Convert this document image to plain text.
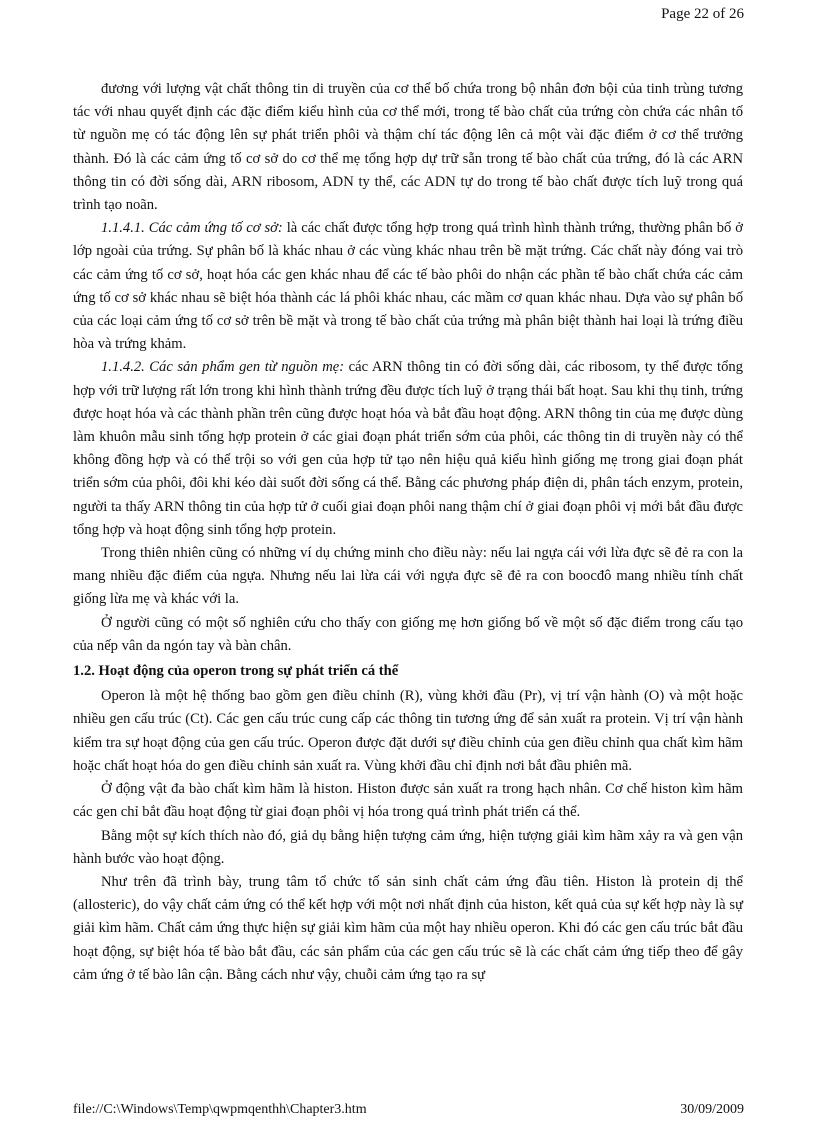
Page 22 of 26

đương với lượng vật chất thông tin di truyền của cơ thể bố chứa trong bộ nhân đơn bội của tinh trùng tương tác với nhau quyết định các đặc điểm kiểu hình của cơ thể mới, trong tế bào chất của trứng còn chứa các nhân tố từ nguồn mẹ có tác động lên sự phát triển phôi và thậm chí tác động lên cả một vài đặc điểm ở cơ thể trưởng thành. Đó là các cảm ứng tố cơ sở do cơ thể mẹ tổng hợp dự trữ sẵn trong tế bào chất của trứng, đó là các ARN thông tin có đời sống dài, ARN ribosom, ADN ty thể, các ADN tự do trong tế bào chất được tích luỹ trong quá trình tạo noãn.

1.1.4.1. Các cảm ứng tố cơ sở: là các chất được tổng hợp trong quá trình hình thành trứng, thường phân bố ở lớp ngoài của trứng. Sự phân bố là khác nhau ở các vùng khác nhau trên bề mặt trứng. Các chất này đóng vai trò các cảm ứng tố cơ sở, hoạt hóa các gen khác nhau để các tế bào phôi do nhận các phần tế bào chất chứa các cảm ứng tố cơ sở khác nhau sẽ biệt hóa thành các lá phôi khác nhau, các mầm cơ quan khác nhau. Dựa vào sự phân bố của các loại cảm ứng tố cơ sở trên bề mặt và trong tế bào chất của trứng mà phân biệt thành hai loại là trứng điều hòa và trứng khảm.

1.1.4.2. Các sản phẩm gen từ nguồn mẹ: các ARN thông tin có đời sống dài, các ribosom, ty thể được tổng hợp với trữ lượng rất lớn trong khi hình thành trứng đều được tích luỹ ở trạng thái bất hoạt. Sau khi thụ tinh, trứng được hoạt hóa và các thành phần trên cũng được hoạt hóa và bắt đầu hoạt động. ARN thông tin của mẹ được dùng làm khuôn mẫu sinh tổng hợp protein ở các giai đoạn phát triển sớm của phôi, các thông tin di truyền này có thể không đồng hợp và có thể trội so với gen của hợp tử tạo nên hiệu quả kiểu hình giống mẹ trong giai đoạn phát triển sớm của phôi, đôi khi kéo dài suốt đời sống cá thể. Bằng các phương pháp điện di, phân tách enzym, protein, người ta thấy ARN thông tin của hợp tử ở cuối giai đoạn phôi nang thậm chí ở giai đoạn phôi vị mới bắt đầu được tổng hợp và hoạt động sinh tổng hợp protein.

Trong thiên nhiên cũng có những ví dụ chứng minh cho điều này: nếu lai ngựa cái với lừa đực sẽ đẻ ra con la mang nhiều đặc điểm của ngựa. Nhưng nếu lai lừa cái với ngựa đực sẽ đẻ ra con boocđô mang nhiều tính chất giống lừa mẹ và khác với la.

Ở người cũng có một số nghiên cứu cho thấy con giống mẹ hơn giống bố về một số đặc điểm trong cấu tạo của nếp vân da ngón tay và bàn chân.

1.2. Hoạt động của operon trong sự phát triển cá thể

Operon là một hệ thống bao gồm gen điều chỉnh (R), vùng khởi đầu (Pr), vị trí vận hành (O) và một hoặc nhiều gen cấu trúc (Ct). Các gen cấu trúc cung cấp các thông tin tương ứng để sản xuất ra protein. Vị trí vận hành kiểm tra sự hoạt động của gen cấu trúc. Operon được đặt dưới sự điều chỉnh của gen điều chỉnh qua chất kìm hãm hoặc chất hoạt hóa do gen điều chỉnh sản xuất ra. Vùng khởi đầu chỉ định nơi bắt đầu phiên mã.

Ở động vật đa bào chất kìm hãm là histon. Histon được sản xuất ra trong hạch nhân. Cơ chế histon kìm hãm các gen chỉ bắt đầu hoạt động từ giai đoạn phôi vị hóa trong quá trình phát triển cá thể.

Bằng một sự kích thích nào đó, giả dụ bằng hiện tượng cảm ứng, hiện tượng giải kìm hãm xảy ra và gen vận hành bước vào hoạt động.

Như trên đã trình bày, trung tâm tổ chức tố sản sinh chất cảm ứng đầu tiên. Histon là protein dị thể (allosteric), do vậy chất cảm ứng có thể kết hợp với một nơi nhất định của histon, kết quả của sự kết hợp này là sự giải kìm hãm. Chất cảm ứng thực hiện sự giải kìm hãm của một hay nhiều operon. Khi đó các gen cấu trúc bắt đầu hoạt động, sự biệt hóa tế bào bắt đầu, các sản phẩm của các gen cấu trúc sẽ là các chất cảm ứng tiếp theo để gây cảm ứng ở tế bào lân cận. Bằng cách như vậy, chuỗi cảm ứng tạo ra sự

file://C:\Windows\Temp\qwpmqenthh\Chapter3.htm	30/09/2009
